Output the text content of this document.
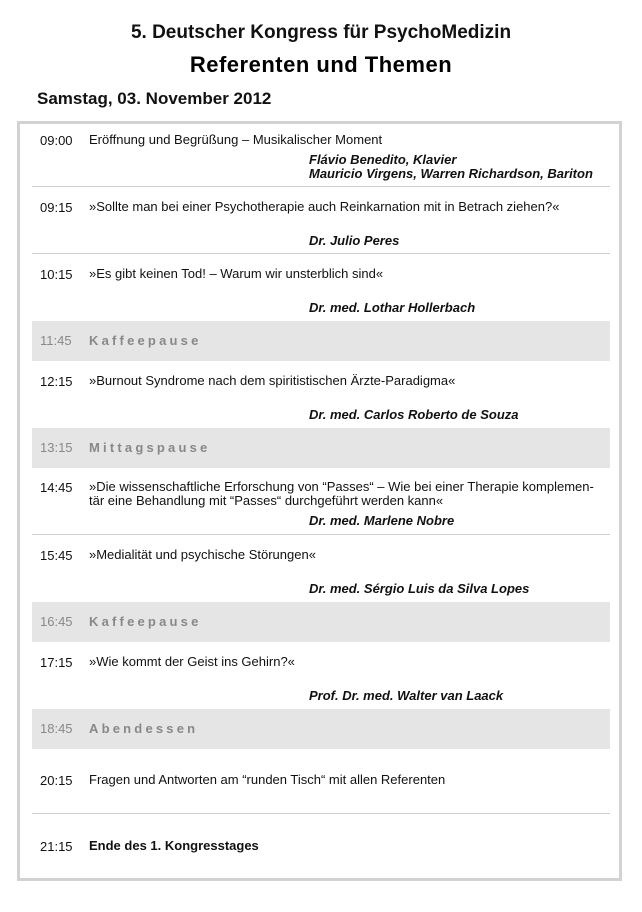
5. Deutscher Kongress für PsychoMedizin
Referenten und Themen
Samstag, 03. November 2012
09:00 Eröffnung und Begrüßung – Musikalischer Moment
Flávio Benedito, Klavier
Mauricio Virgens, Warren Richardson, Bariton
09:15 »Sollte man bei einer Psychotherapie auch Reinkarnation mit in Betrach ziehen?«
Dr. Julio Peres
10:15 »Es gibt keinen Tod! – Warum wir unsterblich sind«
Dr. med. Lothar Hollerbach
11:45 Kaffeepause
12:15 »Burnout Syndrome nach dem spiritistischen Ärzte-Paradigma«
Dr. med. Carlos Roberto de Souza
13:15 Mittagspause
14:45 »Die wissenschaftliche Erforschung von “Passes“ – Wie bei einer Therapie komplemen-
tär eine Behandlung mit “Passes“ durchgeführt werden kann«
Dr. med. Marlene Nobre
15:45 »Medialität und psychische Störungen«
Dr. med. Sérgio Luis da Silva Lopes
16:45 Kaffeepause
17:15 »Wie kommt der Geist ins Gehirn?«
Prof. Dr. med. Walter van Laack
18:45 Abendessen
20:15 Fragen und Antworten am “runden Tisch“ mit allen Referenten
21:15 Ende des 1. Kongresstages
